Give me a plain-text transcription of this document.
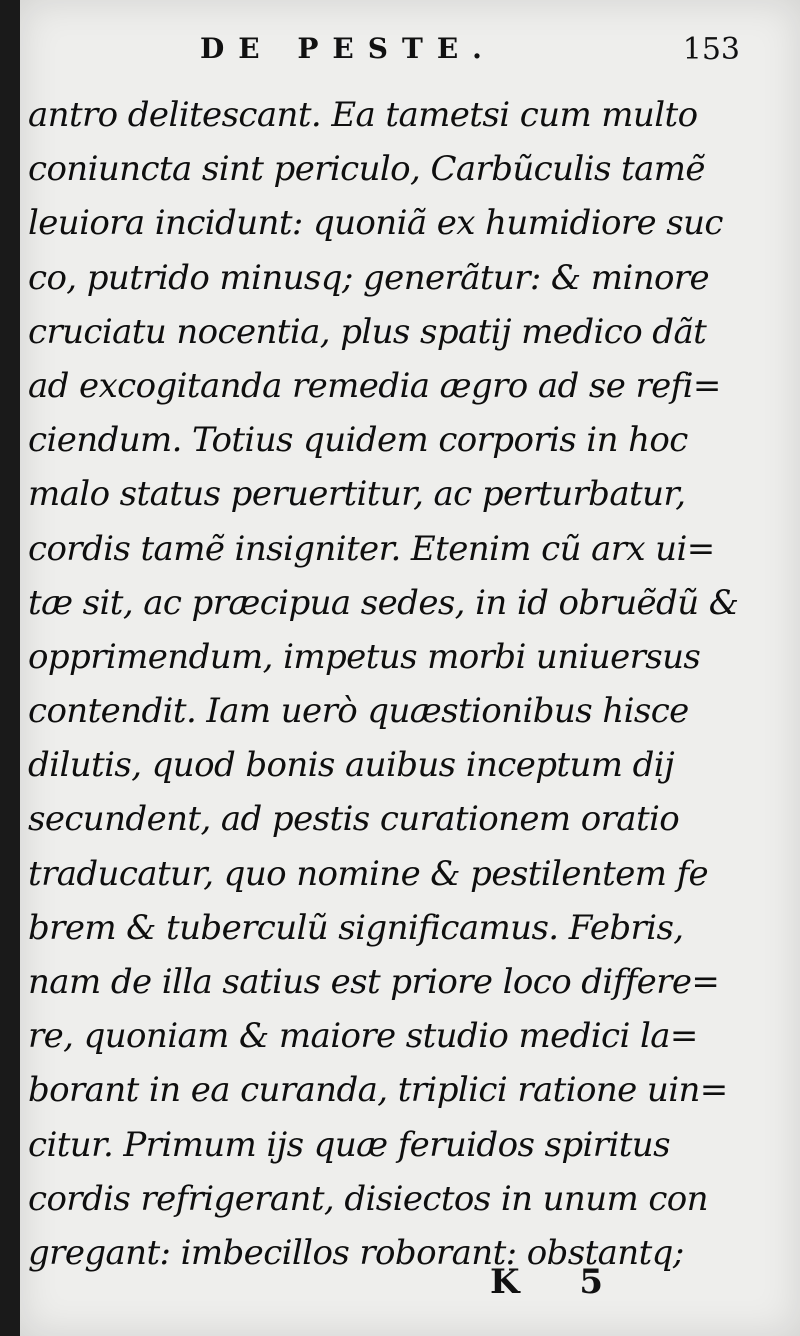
DE PESTE.	153
antro delitescant. Ea tametsi cum multo
coniuncta sint periculo, Carbũculis tamẽ
leuiora incidunt: quoniã ex humidiore suc
co, putrido minusq; generãtur: & minore
cruciatu nocentia, plus spatij medico dãt
ad excogitanda remedia ægro ad se refi=
ciendum. Totius quidem corporis in hoc
malo status peruertitur, ac perturbatur,
cordis tamẽ insigniter. Etenim cũ arx ui=
tæ sit, ac præcipua sedes, in id obruẽdũ &
opprimendum, impetus morbi uniuersus
contendit. Iam uerò quæstionibus hisce
dilutis, quod bonis auibus inceptum dij
secundent, ad pestis curationem oratio
traducatur, quo nomine & pestilentem fe
brem & tuberculũ significamus. Febris,
nam de illa satius est priore loco differe=
re, quoniam & maiore studio medici la=
borant in ea curanda, triplici ratione uin=
citur. Primum ijs quæ feruidos spiritus
cordis refrigerant, disiectos in unum con
gregant: imbecillos roborant: obstantq;
K 5
